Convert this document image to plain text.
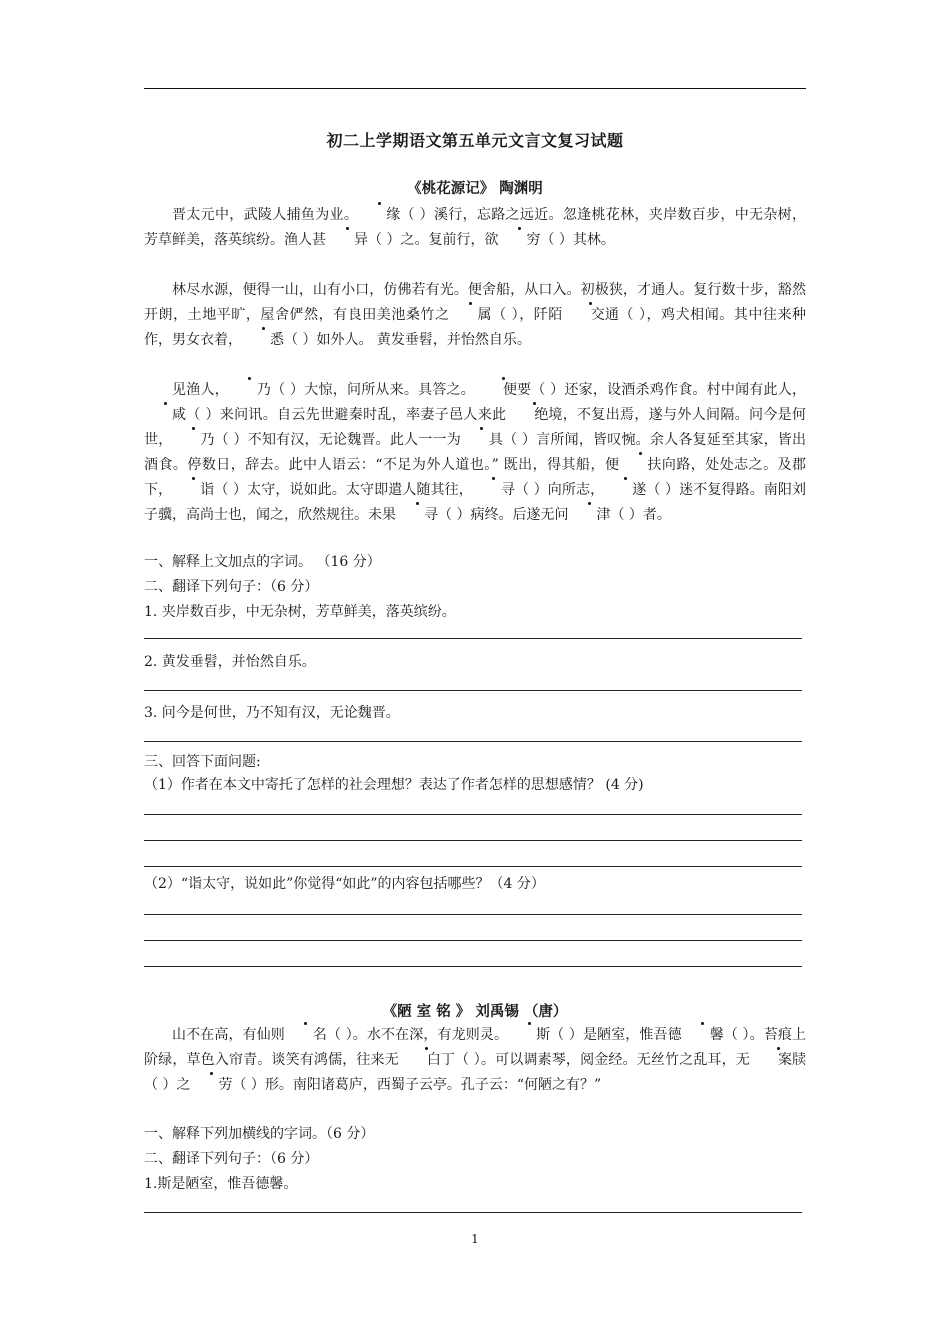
初二上学期语文第五单元文言文复习试题
《桃花源记》 陶渊明
晋太元中，武陵人捕鱼为业。 缘（ ）溪行，忘路之远近。忽逢桃花林，夹岸数百步，中无杂树，芳草鲜美，落英缤纷。渔人甚 异（ ）之。复前行，欲 穷（ ）其林。
林尽水源，便得一山，山有小口，仿佛若有光。便舍船，从口入。初极狭，才通人。复行数十步，豁然开朗，土地平旷，屋舍俨然，有良田美池桑竹之 属（ ），阡陌 交通（ ），鸡犬相闻。其中往来种作，男女衣着， 悉（ ）如外人。 黄发垂髫，并怡然自乐。
见渔人， 乃（ ）大惊，问所从来。具答之。 便要（ ）还家，设酒杀鸡作食。村中闻有此人，咸（ ）来问讯。自云先世避秦时乱，率妻子邑人来此 绝境，不复出焉，遂与外人间隔。问今是何世， 乃（ ）不知有汉，无论魏晋。此人一一为 具（ ）言所闻，皆叹惋。余人各复延至其家，皆出酒食。停数日，辞去。此中人语云：“不足为外人道也。” 既出，得其船，便 扶向路，处处志之。及郡下， 诣（ ）太守，说如此。太守即遣人随其往， 寻（ ）向所志， 遂（ ）迷不复得路。南阳刘子骥，高尚士也，闻之，欣然规往。未果 寻（ ）病终。后遂无问 津（ ）者。
一、解释上文加点的字词。 （16 分）
二、翻译下列句子：（6 分）
1. 夹岸数百步，中无杂树，芳草鲜美，落英缤纷。
2. 黄发垂髫，并怡然自乐。
3. 问今是何世，乃不知有汉，无论魏晋。
三、回答下面问题:
（1）作者在本文中寄托了怎样的社会理想？表达了作者怎样的思想感情？ (4 分)
（2）“诣太守，说如此”你觉得“如此”的内容包括哪些？（4 分）
《陋 室 铭 》 刘禹锡 （唐）
山不在高，有仙则 名（ ）。水不在深，有龙则灵。 斯（ ）是陋室，惟吾德 馨（ ）。苔痕上阶绿，草色入帘青。谈笑有鸿儒，往来无 白丁（ ）。可以调素琴，阅金经。无丝竹之乱耳，无 案牍（ ）之 劳（ ）形。南阳诸葛庐，西蜀子云亭。孔子云：“何陋之有？”
一、解释下列加横线的字词。（6 分）
二、翻译下列句子：（6 分）
1.斯是陋室，惟吾德馨。
1
